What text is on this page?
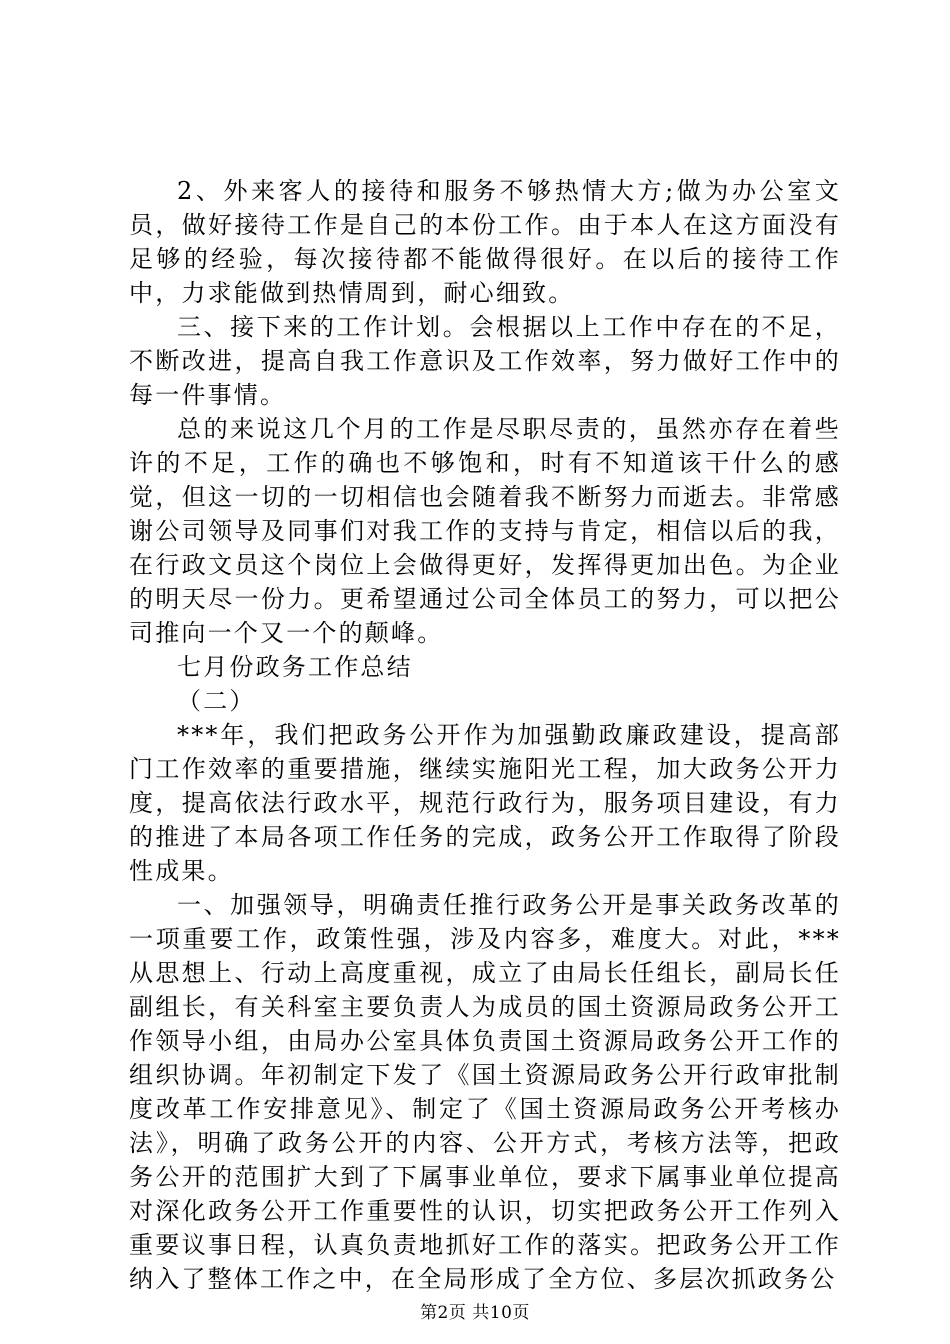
2、外来客人的接待和服务不够热情大方;做为办公室文员，做好接待工作是自己的本份工作。由于本人在这方面没有足够的经验，每次接待都不能做得很好。在以后的接待工作中，力求能做到热情周到，耐心细致。

三、接下来的工作计划。会根据以上工作中存在的不足，不断改进，提高自我工作意识及工作效率，努力做好工作中的每一件事情。

总的来说这几个月的工作是尽职尽责的，虽然亦存在着些许的不足，工作的确也不够饱和，时有不知道该干什么的感觉，但这一切的一切相信也会随着我不断努力而逝去。非常感谢公司领导及同事们对我工作的支持与肯定，相信以后的我，在行政文员这个岗位上会做得更好，发挥得更加出色。为企业的明天尽一份力。更希望通过公司全体员工的努力，可以把公司推向一个又一个的颠峰。

七月份政务工作总结

（二）

***年，我们把政务公开作为加强勤政廉政建设，提高部门工作效率的重要措施，继续实施阳光工程，加大政务公开力度，提高依法行政水平，规范行政行为，服务项目建设，有力的推进了本局各项工作任务的完成，政务公开工作取得了阶段性成果。

一、加强领导，明确责任推行政务公开是事关政务改革的一项重要工作，政策性强，涉及内容多，难度大。对此，***从思想上、行动上高度重视，成立了由局长任组长，副局长任副组长，有关科室主要负责人为成员的国土资源局政务公开工作领导小组，由局办公室具体负责国土资源局政务公开工作的组织协调。年初制定下发了《国土资源局政务公开行政审批制度改革工作安排意见》、制定了《国土资源局政务公开考核办法》，明确了政务公开的内容、公开方式，考核方法等，把政务公开的范围扩大到了下属事业单位，要求下属事业单位提高对深化政务公开工作重要性的认识，切实把政务公开工作列入重要议事日程，认真负责地抓好工作的落实。把政务公开工作纳入了整体工作之中，在全局形成了全方位、多层次抓政务公

第2页 共10页
